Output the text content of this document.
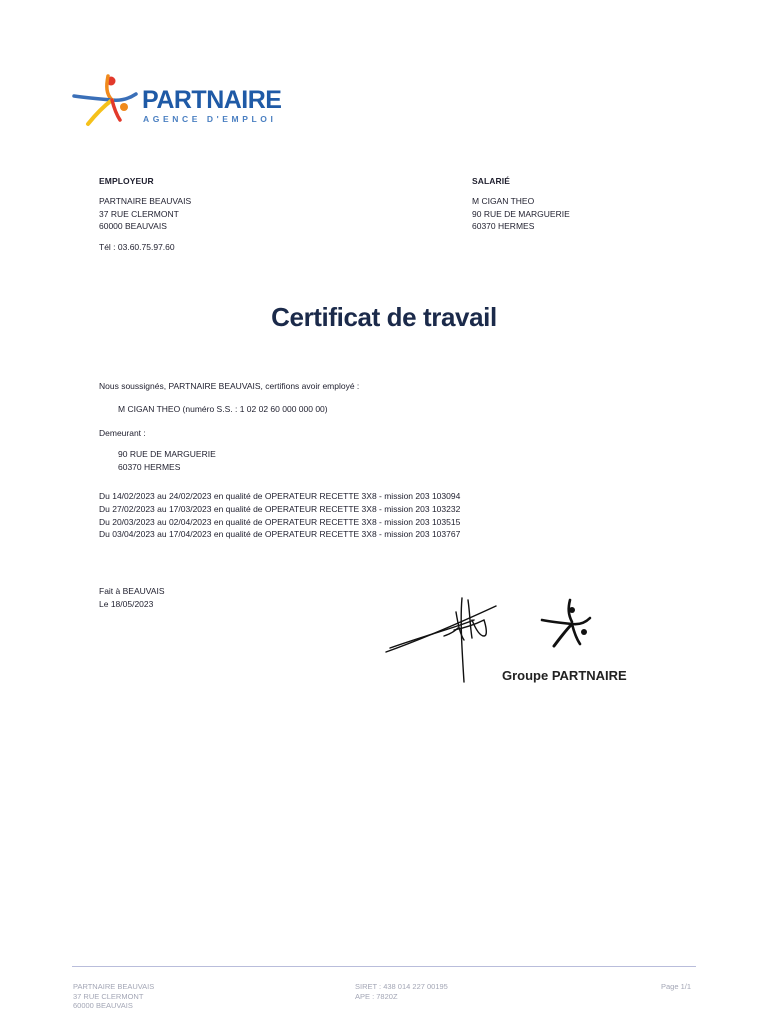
PARTNAIRE
AGENCE D'EMPLOI
EMPLOYEUR
PARTNAIRE BEAUVAIS
37 RUE CLERMONT
60000 BEAUVAIS
Tél : 03.60.75.97.60
SALARIÉ
M CIGAN THEO
90 RUE DE MARGUERIE
60370 HERMES
Certificat de travail
Nous soussignés, PARTNAIRE BEAUVAIS, certifions avoir employé :
M CIGAN THEO (numéro S.S. : 1 02 02 60 000 000 00)
Demeurant :
90 RUE DE MARGUERIE
60370 HERMES
Du 14/02/2023 au 24/02/2023 en qualité de OPERATEUR RECETTE 3X8 - mission 203 103094
Du 27/02/2023 au 17/03/2023 en qualité de OPERATEUR RECETTE 3X8 - mission 203 103232
Du 20/03/2023 au 02/04/2023 en qualité de OPERATEUR RECETTE 3X8 - mission 203 103515
Du 03/04/2023 au 17/04/2023 en qualité de OPERATEUR RECETTE 3X8 - mission 203 103767
Fait à BEAUVAIS
Le 18/05/2023
Groupe PARTNAIRE
PARTNAIRE BEAUVAIS
37 RUE CLERMONT
60000 BEAUVAIS
SIRET : 438 014 227 00195
APE : 7820Z
Page 1/1
